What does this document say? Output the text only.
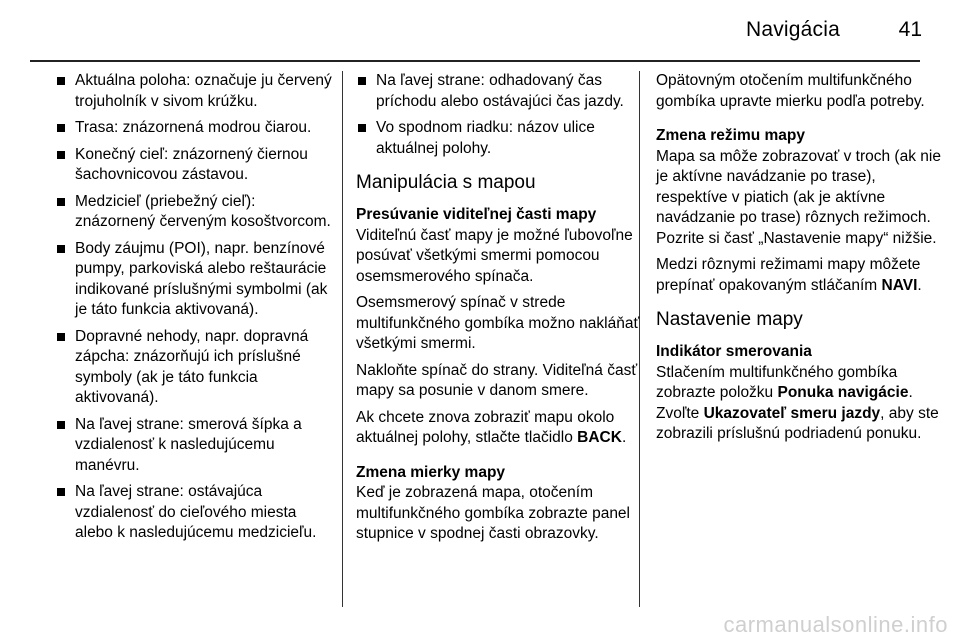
Navigácia	41
Aktuálna poloha: označuje ju červený trojuholník v sivom krúžku.
Trasa: znázornená modrou čiarou.
Konečný cieľ: znázornený čiernou šachovnicovou zástavou.
Medzicieľ (priebežný cieľ): znázornený červeným kosoštvorcom.
Body záujmu (POI), napr. benzínové pumpy, parkoviská alebo reštaurácie indikované príslušnými symbolmi (ak je táto funkcia aktivovaná).
Dopravné nehody, napr. dopravná zápcha: znázorňujú ich príslušné symboly (ak je táto funkcia aktivovaná).
Na ľavej strane: smerová šípka a vzdialenosť k nasledujúcemu manévru.
Na ľavej strane: ostávajúca vzdialenosť do cieľového miesta alebo k nasledujúcemu medzicieľu.
Na ľavej strane: odhadovaný čas príchodu alebo ostávajúci čas jazdy.
Vo spodnom riadku: názov ulice aktuálnej polohy.
Manipulácia s mapou
Presúvanie viditeľnej časti mapy

Viditeľnú časť mapy je možné ľubovoľne posúvať všetkými smermi pomocou osemsmerového spínača.

Osemsmerový spínač v strede multifunkčného gombíka možno nakláňať všetkými smermi.

Nakloňte spínač do strany. Viditeľná časť mapy sa posunie v danom smere.

Ak chcete znova zobraziť mapu okolo aktuálnej polohy, stlačte tlačidlo BACK.

Zmena mierky mapy

Keď je zobrazená mapa, otočením multifunkčného gombíka zobrazte panel stupnice v spodnej časti obrazovky.

Opätovným otočením multifunkčného gombíka upravte mierku podľa potreby.

Zmena režimu mapy

Mapa sa môže zobrazovať v troch (ak nie je aktívne navádzanie po trase), respektíve v piatich (ak je aktívne navádzanie po trase) rôznych režimoch. Pozrite si časť „Nastavenie mapy“ nižšie.

Medzi rôznymi režimami mapy môžete prepínať opakovaným stláčaním NAVI.

Nastavenie mapy
Indikátor smerovania

Stlačením multifunkčného gombíka zobrazte položku Ponuka navigácie. Zvoľte Ukazovateľ smeru jazdy, aby ste zobrazili príslušnú podriadenú ponuku.

carmanualsonline.info
